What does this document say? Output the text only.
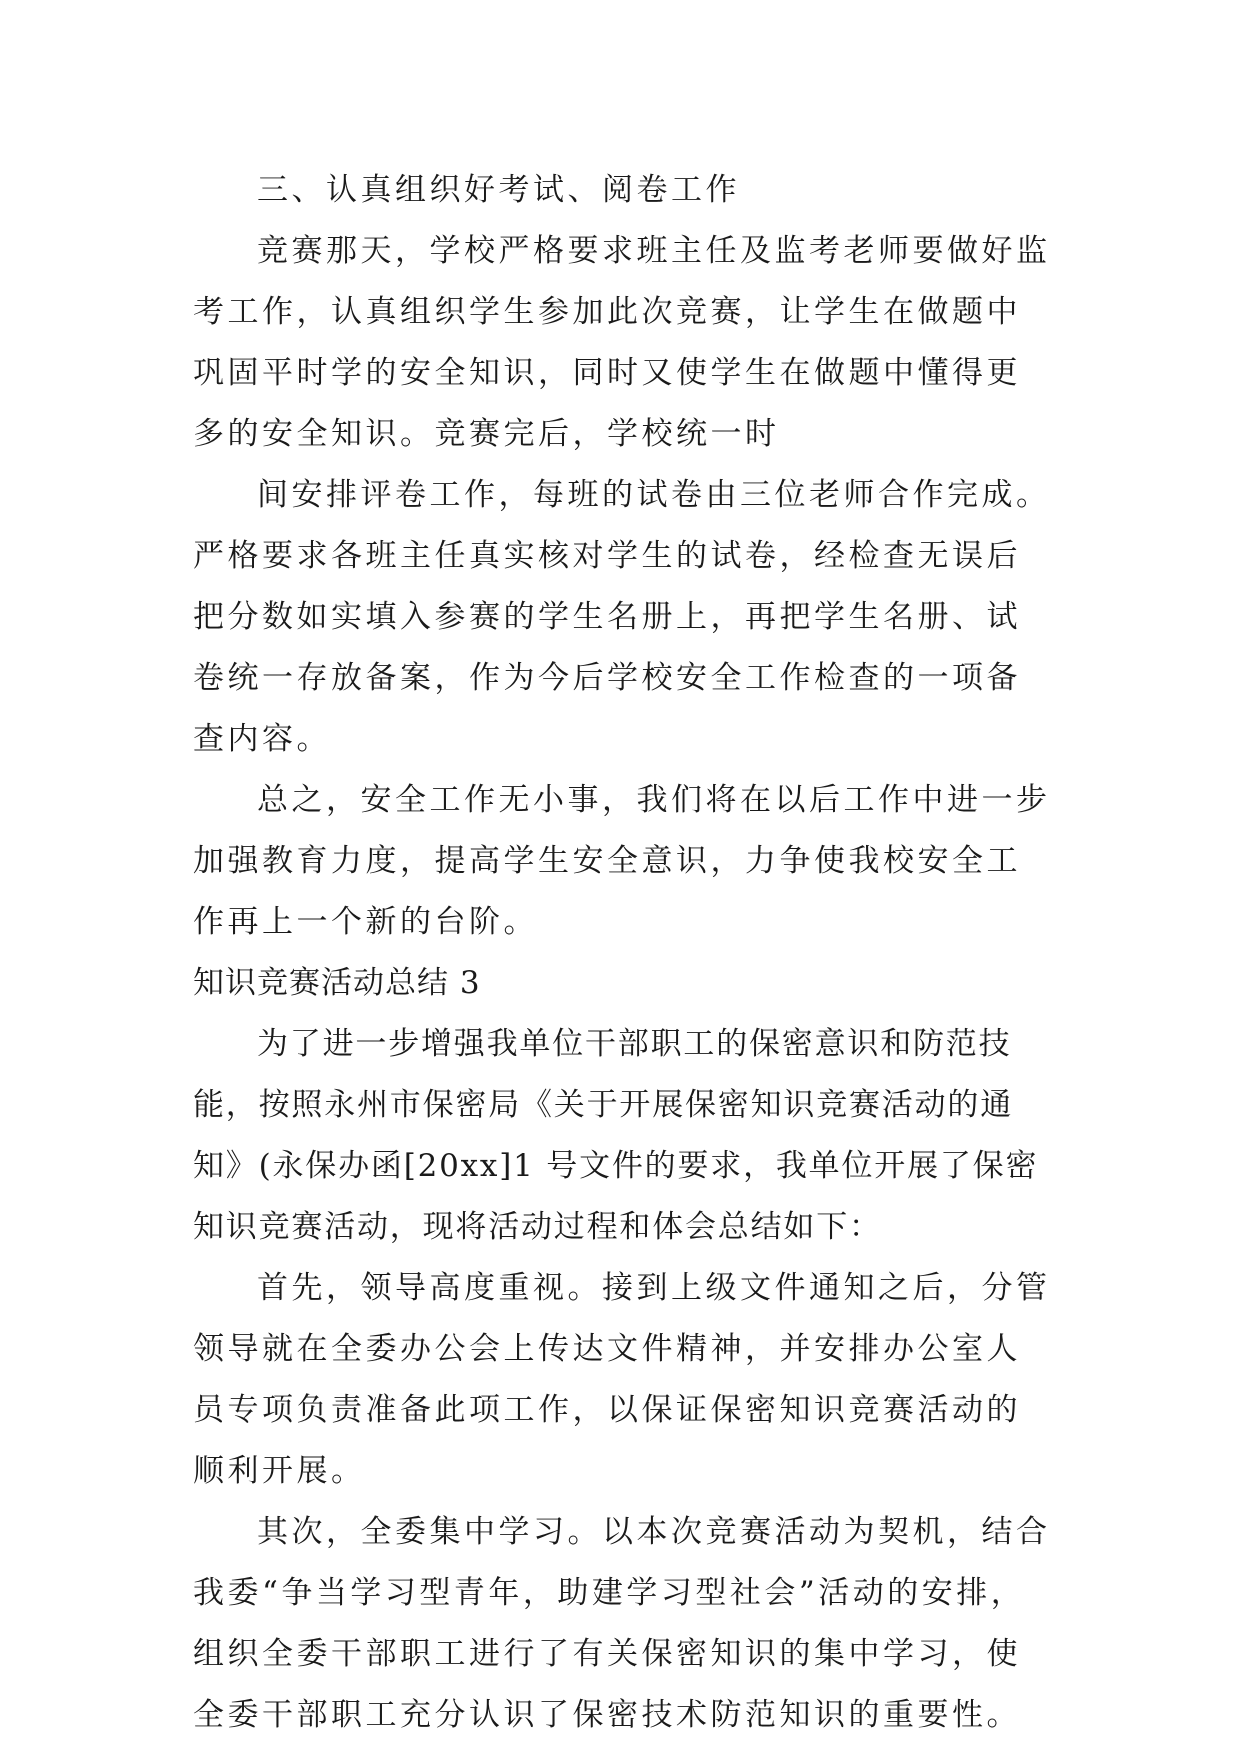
三、认真组织好考试、阅卷工作

竞赛那天，学校严格要求班主任及监考老师要做好监考工作，认真组织学生参加此次竞赛，让学生在做题中巩固平时学的安全知识，同时又使学生在做题中懂得更多的安全知识。竞赛完后，学校统一时

间安排评卷工作，每班的试卷由三位老师合作完成。严格要求各班主任真实核对学生的试卷，经检查无误后把分数如实填入参赛的学生名册上，再把学生名册、试卷统一存放备案，作为今后学校安全工作检查的一项备查内容。

总之，安全工作无小事，我们将在以后工作中进一步加强教育力度，提高学生安全意识，力争使我校安全工作再上一个新的台阶。

知识竞赛活动总结 3

为了进一步增强我单位干部职工的保密意识和防范技能，按照永州市保密局《关于开展保密知识竞赛活动的通知》(永保办函[20xx]1 号文件的要求，我单位开展了保密知识竞赛活动，现将活动过程和体会总结如下：

首先，领导高度重视。接到上级文件通知之后，分管领导就在全委办公会上传达文件精神，并安排办公室人员专项负责准备此项工作，以保证保密知识竞赛活动的顺利开展。

其次，全委集中学习。以本次竞赛活动为契机，结合我委“争当学习型青年，助建学习型社会”活动的安排，组织全委干部职工进行了有关保密知识的集中学习，使全委干部职工充分认识了保密技术防范知识的重要性。
